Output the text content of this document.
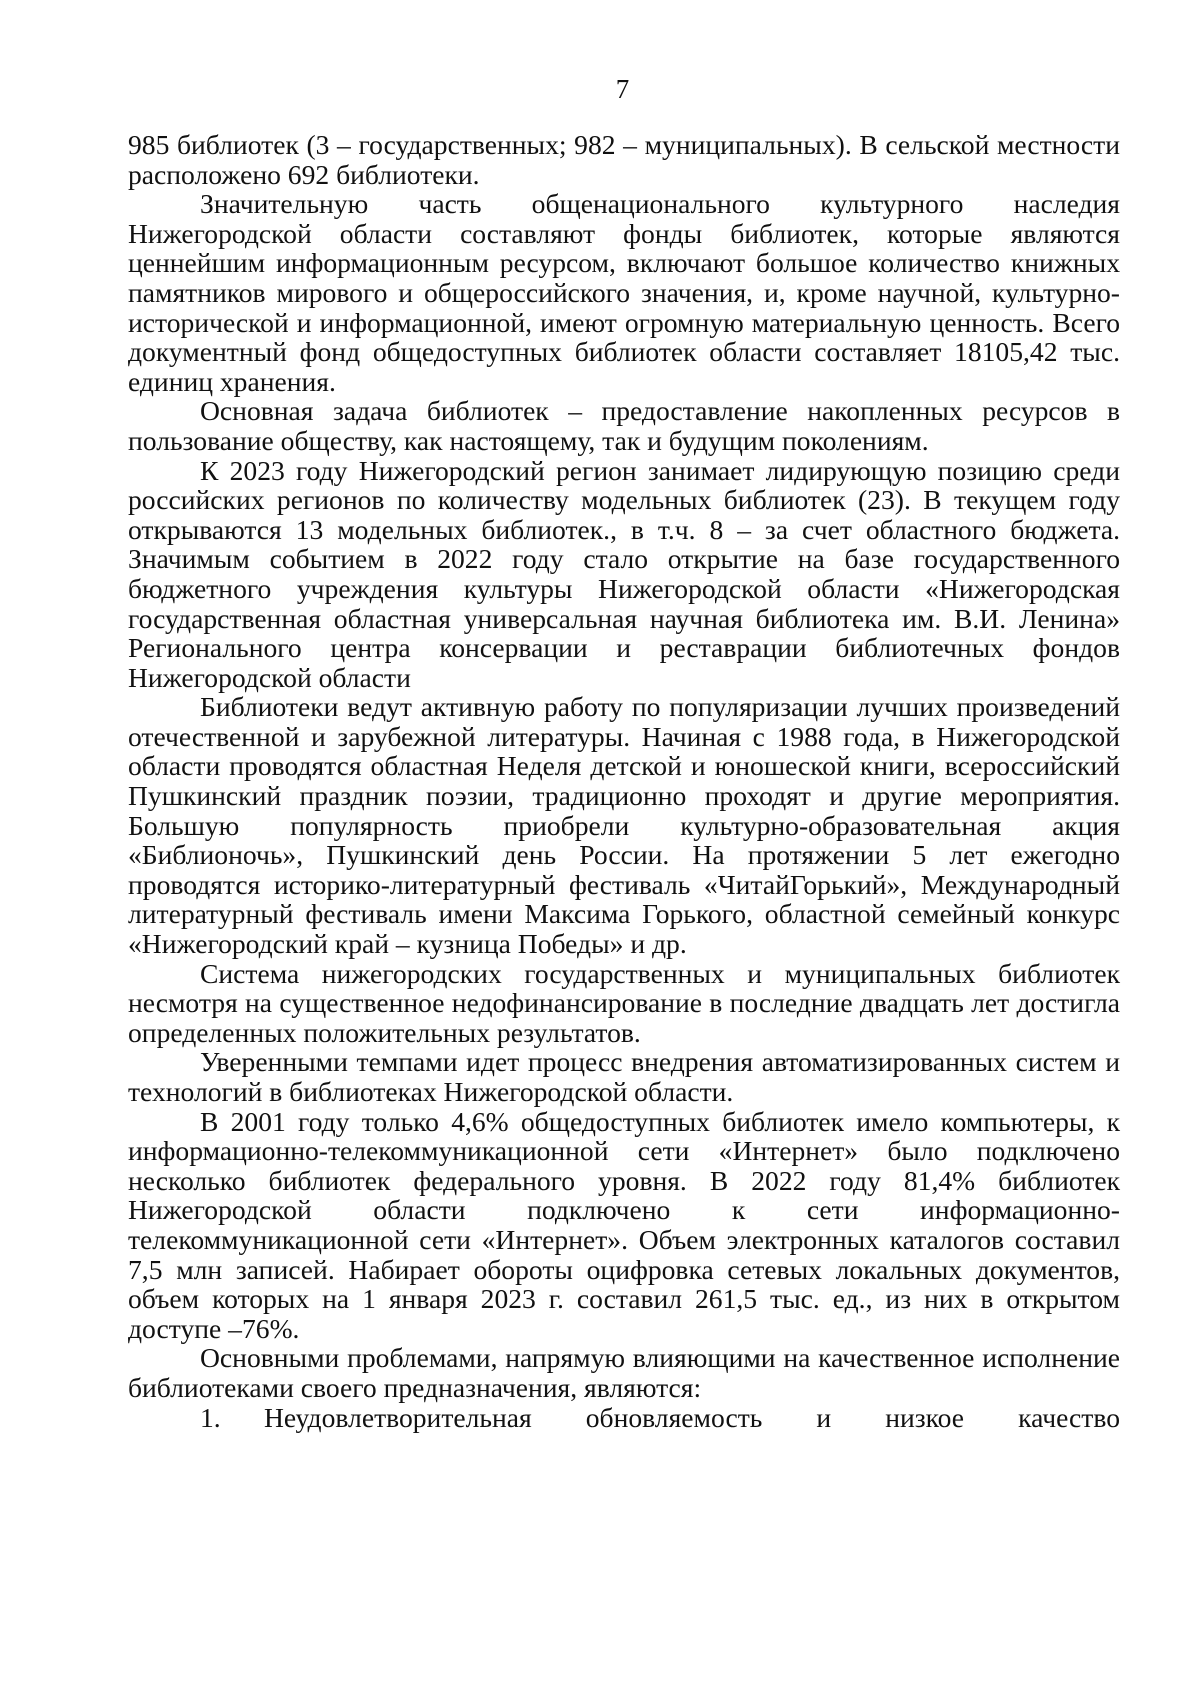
7

985 библиотек (3 – государственных; 982 – муниципальных). В сельской местности расположено 692 библиотеки.

Значительную часть общенационального культурного наследия Нижегородской области составляют фонды библиотек, которые являются ценнейшим информационным ресурсом, включают большое количество книжных памятников мирового и общероссийского значения, и, кроме научной, культурно-исторической и информационной, имеют огромную материальную ценность. Всего документный фонд общедоступных библиотек области составляет 18105,42 тыс. единиц хранения.

Основная задача библиотек – предоставление накопленных ресурсов в пользование обществу, как настоящему, так и будущим поколениям.

К 2023 году Нижегородский регион занимает лидирующую позицию среди российских регионов по количеству модельных библиотек (23). В текущем году открываются 13 модельных библиотек., в т.ч. 8 – за счет областного бюджета. Значимым событием в 2022 году стало открытие на базе государственного бюджетного учреждения культуры Нижегородской области «Нижегородская государственная областная универсальная научная библиотека им. В.И. Ленина» Регионального центра консервации и реставрации библиотечных фондов Нижегородской области

Библиотеки ведут активную работу по популяризации лучших произведений отечественной и зарубежной литературы. Начиная с 1988 года, в Нижегородской области проводятся областная Неделя детской и юношеской книги, всероссийский Пушкинский праздник поэзии, традиционно проходят и другие мероприятия. Большую популярность приобрели культурно-образовательная акция «Библионочь», Пушкинский день России. На протяжении 5 лет ежегодно проводятся историко-литературный фестиваль «ЧитайГорький», Международный литературный фестиваль имени Максима Горького, областной семейный конкурс «Нижегородский край – кузница Победы» и др.

Система нижегородских государственных и муниципальных библиотек несмотря на существенное недофинансирование в последние двадцать лет достигла определенных положительных результатов.

Уверенными темпами идет процесс внедрения автоматизированных систем и технологий в библиотеках Нижегородской области.

В 2001 году только 4,6% общедоступных библиотек имело компьютеры, к информационно-телекоммуникационной сети «Интернет» было подключено несколько библиотек федерального уровня. В 2022 году 81,4% библиотек Нижегородской области подключено к сети информационно-телекоммуникационной сети «Интернет». Объем электронных каталогов составил 7,5 млн записей. Набирает обороты оцифровка сетевых локальных документов, объем которых на 1 января 2023 г. составил 261,5 тыс. ед., из них в открытом доступе –76%.

Основными проблемами, напрямую влияющими на качественное исполнение библиотеками своего предназначения, являются:

1.	Неудовлетворительная обновляемость и низкое качество
